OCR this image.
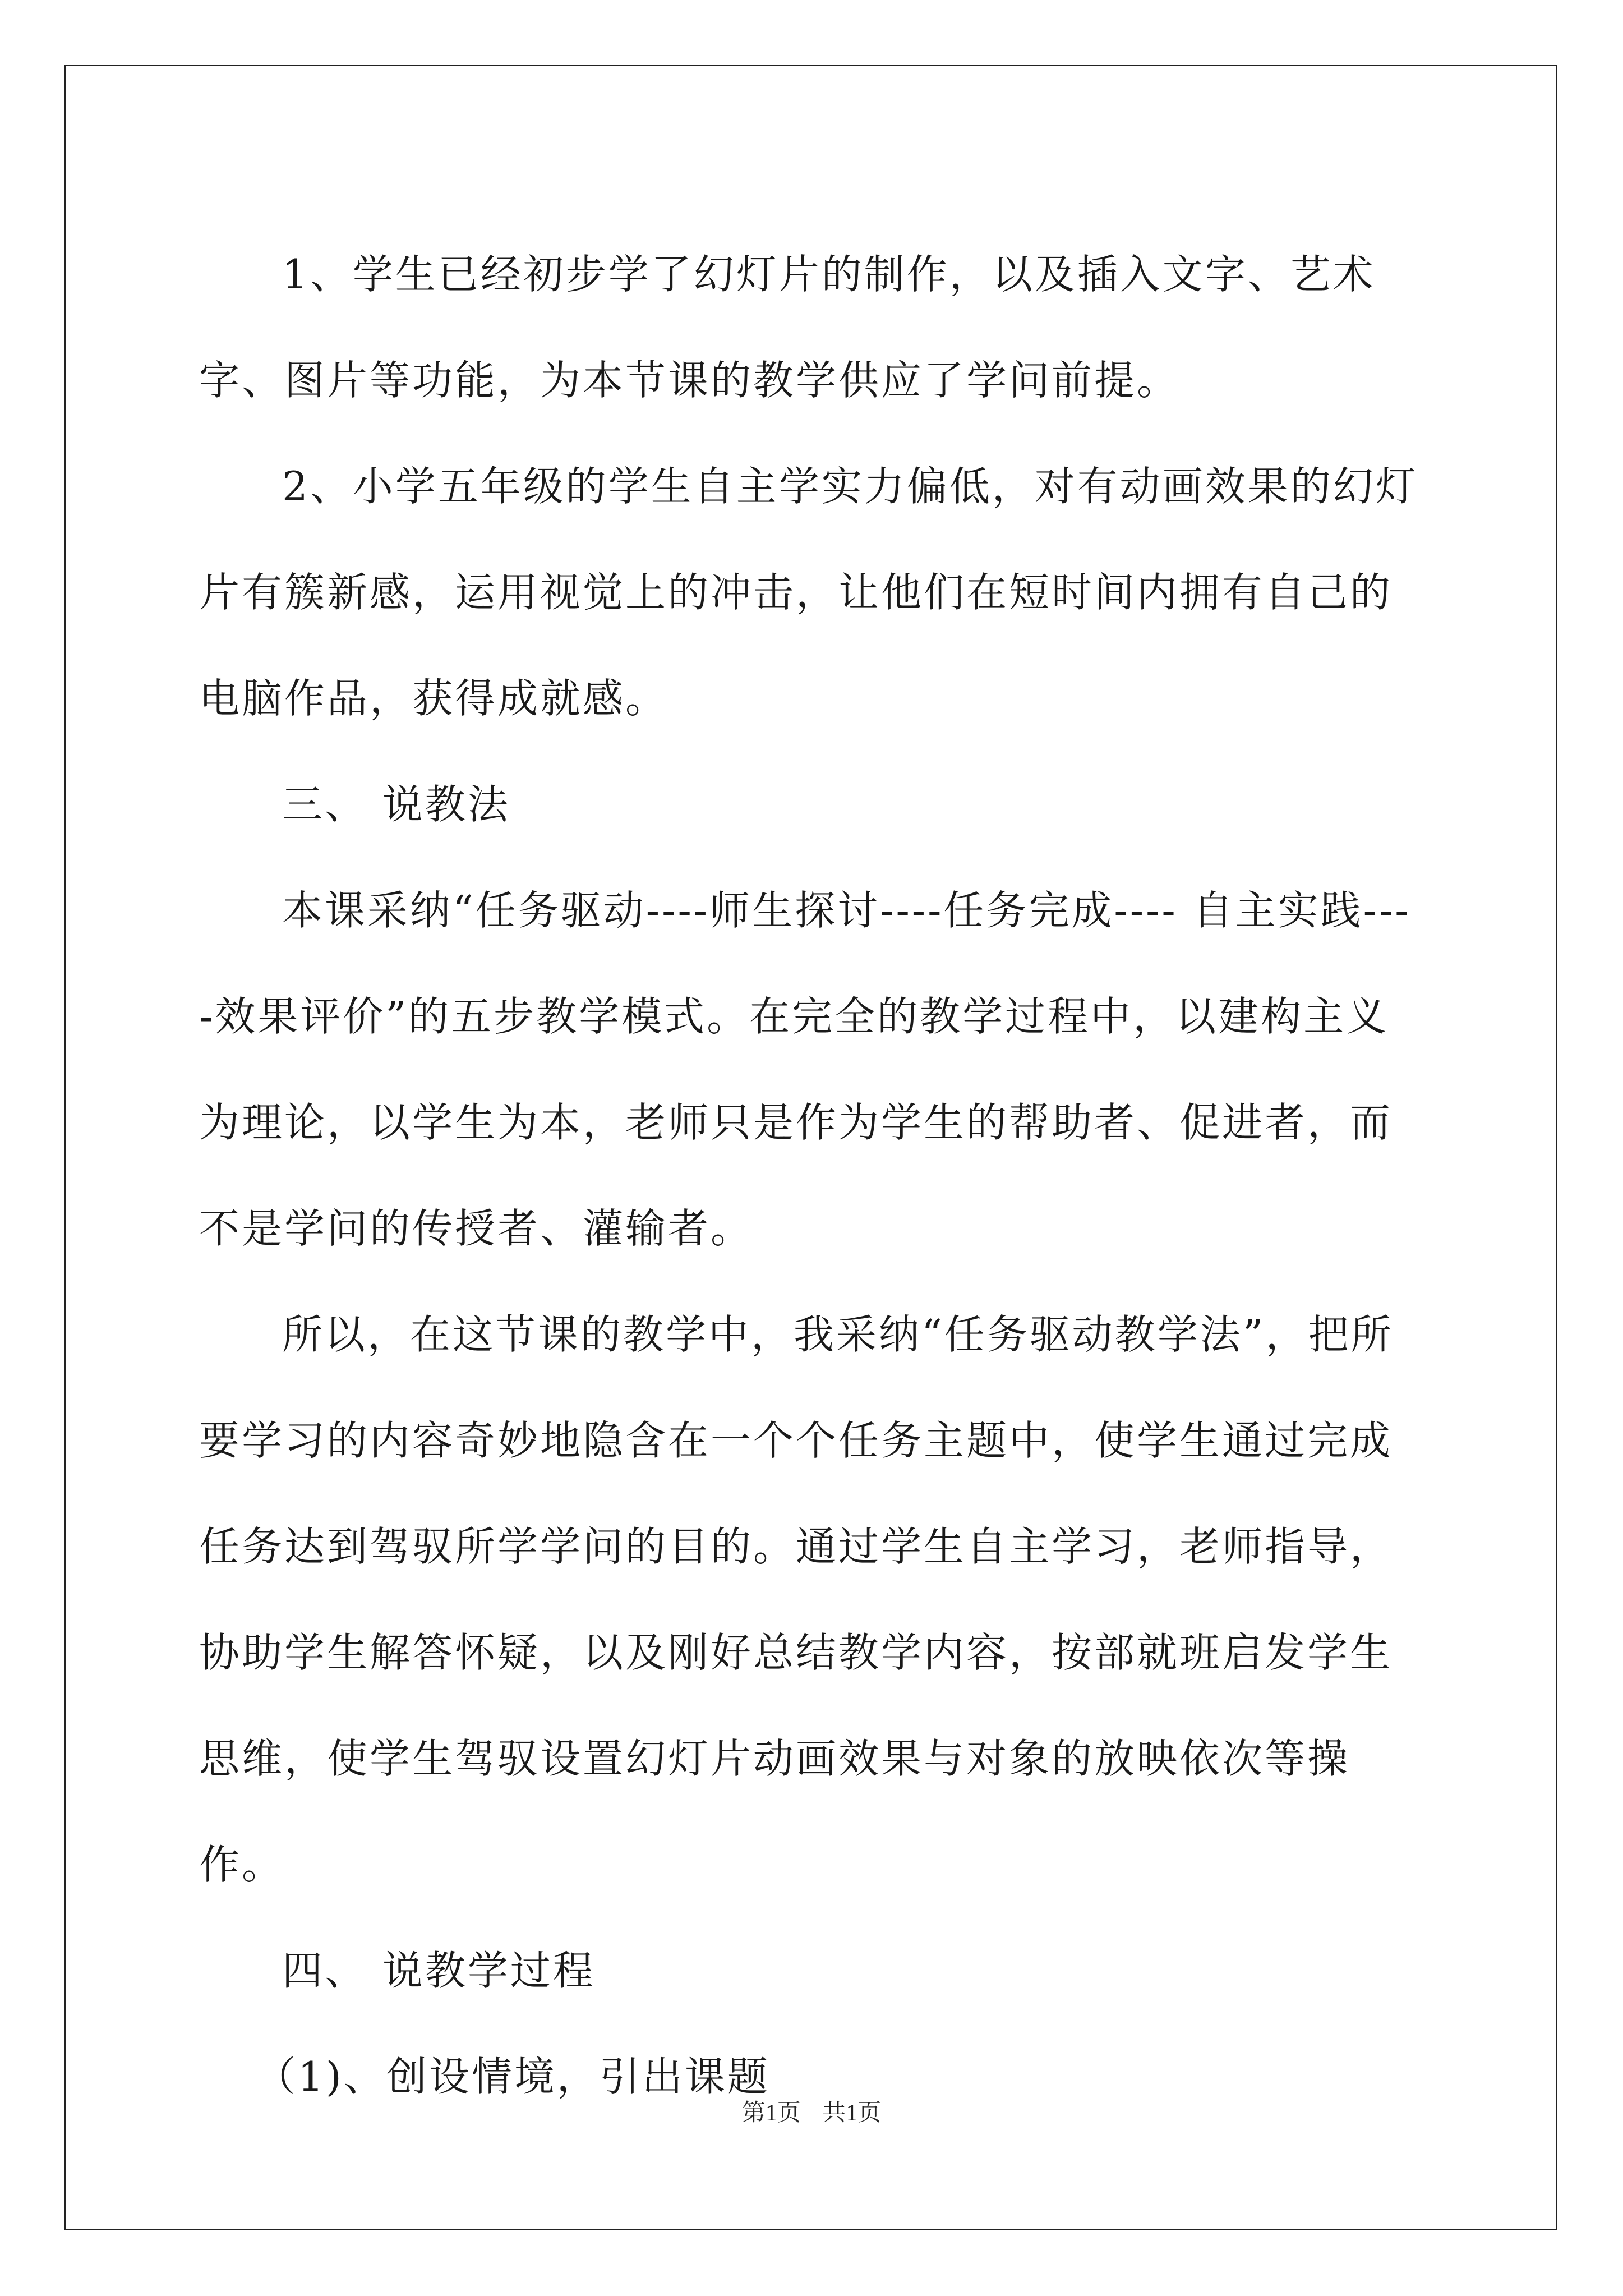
1、学生已经初步学了幻灯片的制作，以及插入文字、艺术字、图片等功能，为本节课的教学供应了学问前提。

2、小学五年级的学生自主学实力偏低，对有动画效果的幻灯片有簇新感，运用视觉上的冲击，让他们在短时间内拥有自己的电脑作品，获得成就感。

三、 说教法

本课采纳“任务驱动----师生探讨----任务完成---- 自主实践----效果评价”的五步教学模式。在完全的教学过程中，以建构主义为理论，以学生为本，老师只是作为学生的帮助者、促进者，而不是学问的传授者、灌输者。

所以，在这节课的教学中，我采纳“任务驱动教学法”，把所要学习的内容奇妙地隐含在一个个任务主题中，使学生通过完成任务达到驾驭所学学问的目的。通过学生自主学习，老师指导，协助学生解答怀疑，以及刚好总结教学内容，按部就班启发学生思维，使学生驾驭设置幻灯片动画效果与对象的放映依次等操作。

四、 说教学过程

（1)、创设情境，引出课题

第1页 共1页
